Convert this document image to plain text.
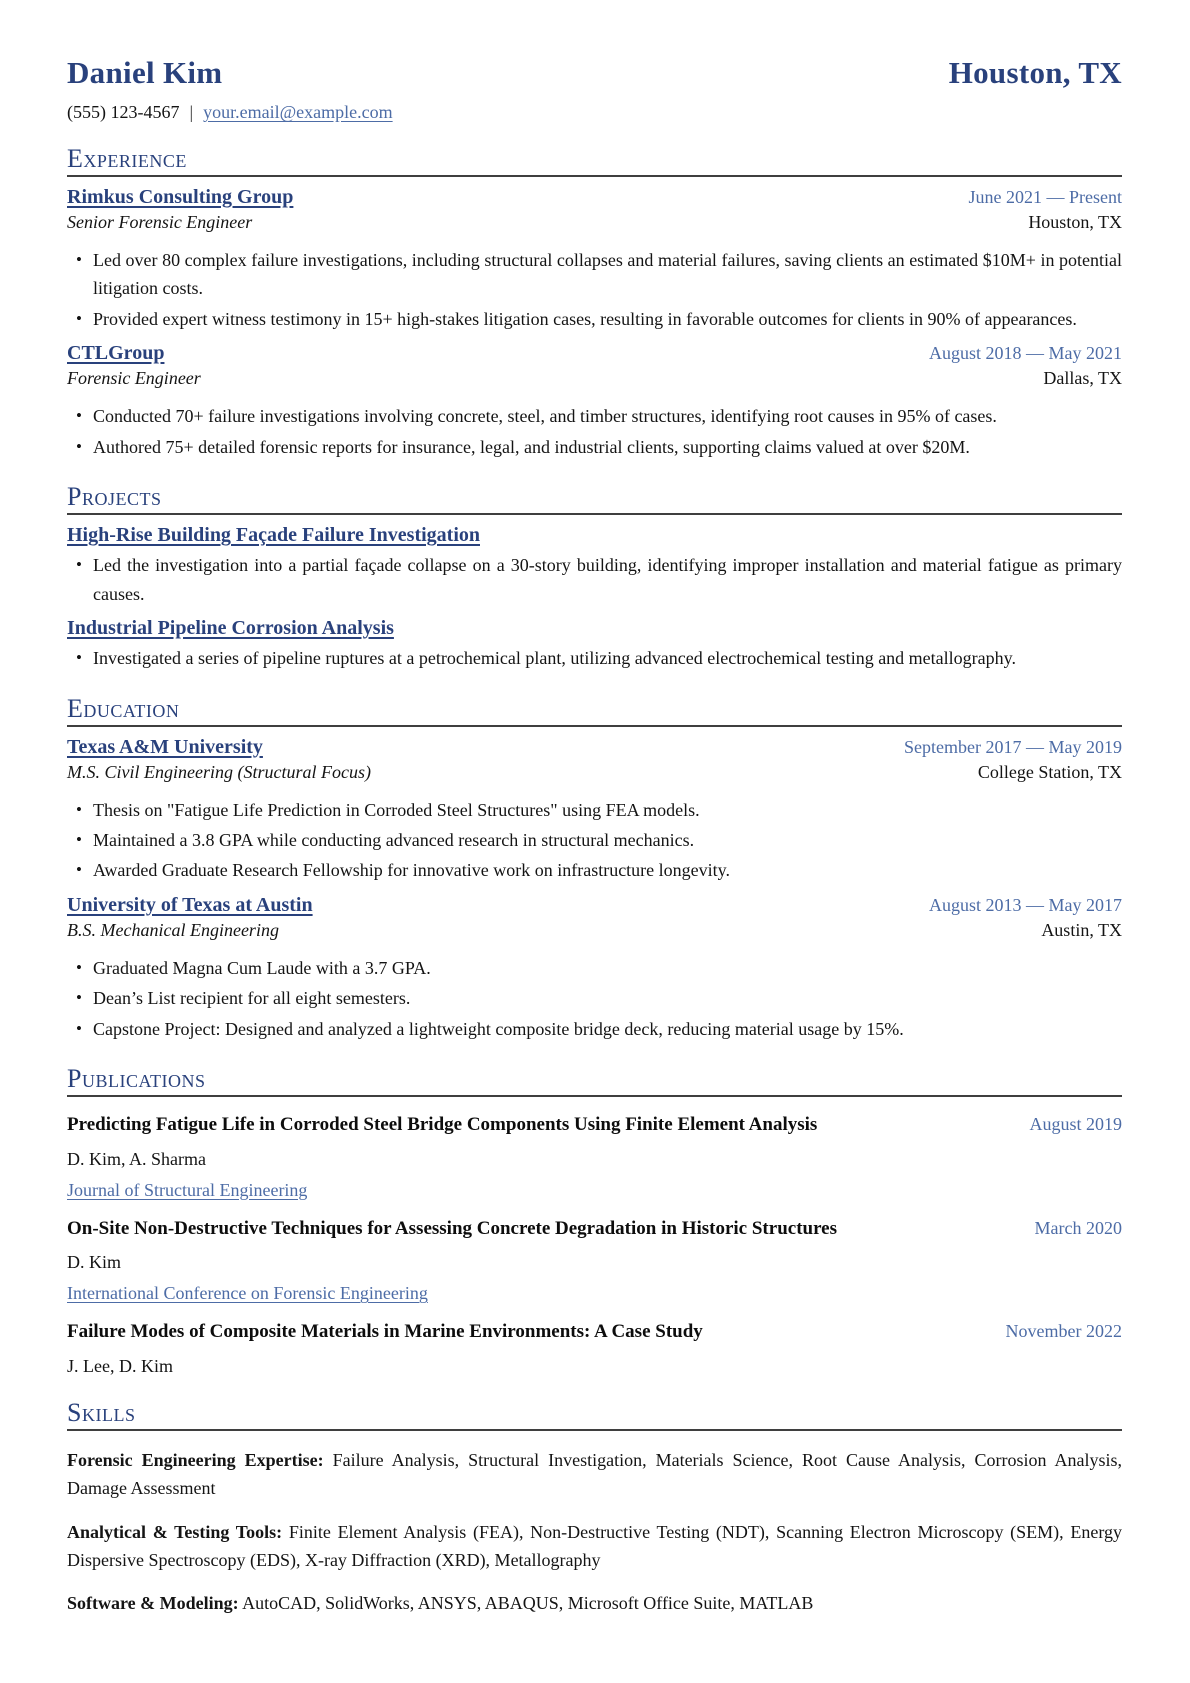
Daniel Kim	Houston, TX
(555) 123-4567 | your.email@example.com
Experience
Rimkus Consulting Group	June 2021 — Present
Senior Forensic Engineer	Houston, TX
• Led over 80 complex failure investigations, including structural collapses and material failures, saving clients an estimated $10M+ in potential litigation costs.
• Provided expert witness testimony in 15+ high-stakes litigation cases, resulting in favorable outcomes for clients in 90% of appearances.
CTLGroup	August 2018 — May 2021
Forensic Engineer	Dallas, TX
• Conducted 70+ failure investigations involving concrete, steel, and timber structures, identifying root causes in 95% of cases.
• Authored 75+ detailed forensic reports for insurance, legal, and industrial clients, supporting claims valued at over $20M.
Projects
High-Rise Building Façade Failure Investigation
• Led the investigation into a partial façade collapse on a 30-story building, identifying improper installation and material fatigue as primary causes.
Industrial Pipeline Corrosion Analysis
• Investigated a series of pipeline ruptures at a petrochemical plant, utilizing advanced electrochemical testing and metallography.
Education
Texas A&M University	September 2017 — May 2019
M.S. Civil Engineering (Structural Focus)	College Station, TX
• Thesis on "Fatigue Life Prediction in Corroded Steel Structures" using FEA models.
• Maintained a 3.8 GPA while conducting advanced research in structural mechanics.
• Awarded Graduate Research Fellowship for innovative work on infrastructure longevity.
University of Texas at Austin	August 2013 — May 2017
B.S. Mechanical Engineering	Austin, TX
• Graduated Magna Cum Laude with a 3.7 GPA.
• Dean’s List recipient for all eight semesters.
• Capstone Project: Designed and analyzed a lightweight composite bridge deck, reducing material usage by 15%.
Publications
Predicting Fatigue Life in Corroded Steel Bridge Components Using Finite Element Analysis	August 2019
D. Kim, A. Sharma
Journal of Structural Engineering
On-Site Non-Destructive Techniques for Assessing Concrete Degradation in Historic Structures	March 2020
D. Kim
International Conference on Forensic Engineering
Failure Modes of Composite Materials in Marine Environments: A Case Study	November 2022
J. Lee, D. Kim
Skills

Forensic Engineering Expertise: Failure Analysis, Structural Investigation, Materials Science, Root Cause Analysis, Corrosion Analysis, Damage Assessment

Analytical & Testing Tools: Finite Element Analysis (FEA), Non-Destructive Testing (NDT), Scanning Electron Microscopy (SEM), Energy Dispersive Spectroscopy (EDS), X-ray Diffraction (XRD), Metallography

Software & Modeling: AutoCAD, SolidWorks, ANSYS, ABAQUS, Microsoft Office Suite, MATLAB
